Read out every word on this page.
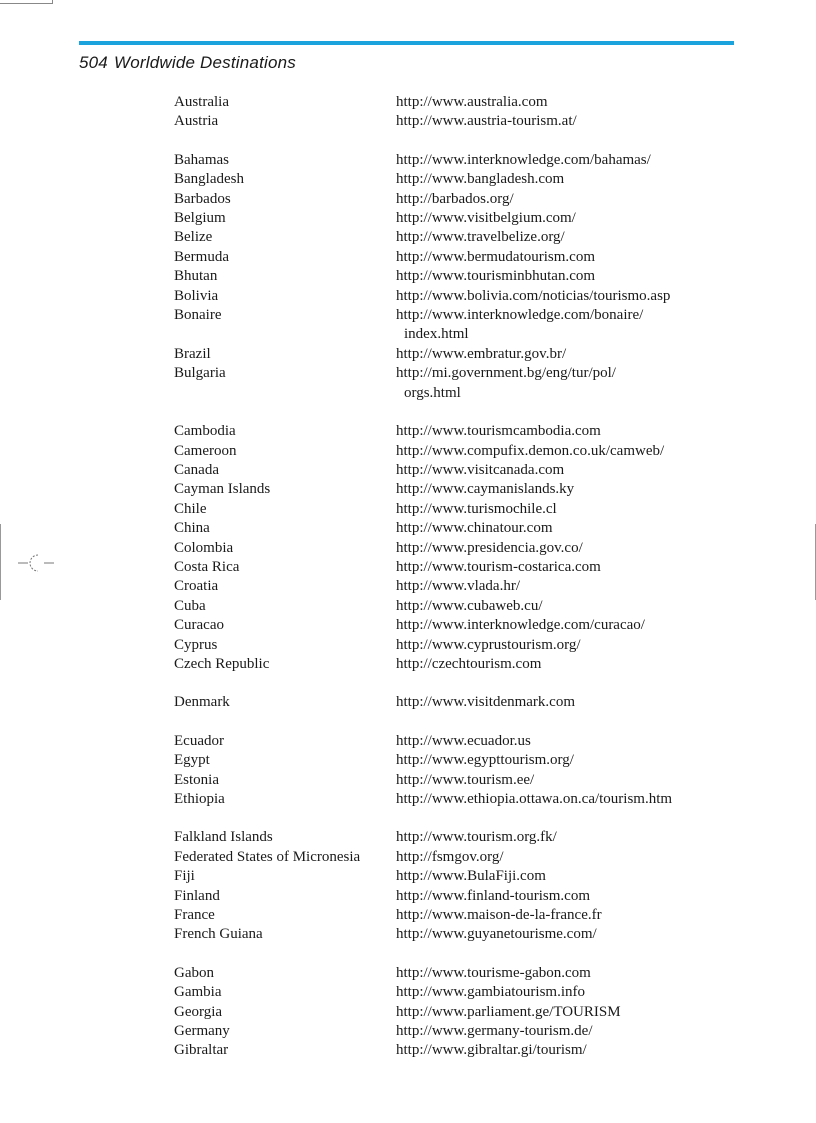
504 Worldwide Destinations
Australia	http://www.australia.com
Austria	http://www.austria-tourism.at/
Bahamas	http://www.interknowledge.com/bahamas/
Bangladesh	http://www.bangladesh.com
Barbados	http://barbados.org/
Belgium	http://www.visitbelgium.com/
Belize	http://www.travelbelize.org/
Bermuda	http://www.bermudatourism.com
Bhutan	http://www.tourisminbhutan.com
Bolivia	http://www.bolivia.com/noticias/tourismo.asp
Bonaire	http://www.interknowledge.com/bonaire/
index.html
Brazil	http://www.embratur.gov.br/
Bulgaria	http://mi.government.bg/eng/tur/pol/
orgs.html
Cambodia	http://www.tourismcambodia.com
Cameroon	http://www.compufix.demon.co.uk/camweb/
Canada	http://www.visitcanada.com
Cayman Islands	http://www.caymanislands.ky
Chile	http://www.turismochile.cl
China	http://www.chinatour.com
Colombia	http://www.presidencia.gov.co/
Costa Rica	http://www.tourism-costarica.com
Croatia	http://www.vlada.hr/
Cuba	http://www.cubaweb.cu/
Curacao	http://www.interknowledge.com/curacao/
Cyprus	http://www.cyprustourism.org/
Czech Republic	http://czechtourism.com
Denmark	http://www.visitdenmark.com
Ecuador	http://www.ecuador.us
Egypt	http://www.egypttourism.org/
Estonia	http://www.tourism.ee/
Ethiopia	http://www.ethiopia.ottawa.on.ca/tourism.htm
Falkland Islands	http://www.tourism.org.fk/
Federated States of Micronesia	http://fsmgov.org/
Fiji	http://www.BulaFiji.com
Finland	http://www.finland-tourism.com
France	http://www.maison-de-la-france.fr
French Guiana	http://www.guyanetourisme.com/
Gabon	http://www.tourisme-gabon.com
Gambia	http://www.gambiatourism.info
Georgia	http://www.parliament.ge/TOURISM
Germany	http://www.germany-tourism.de/
Gibraltar	http://www.gibraltar.gi/tourism/
